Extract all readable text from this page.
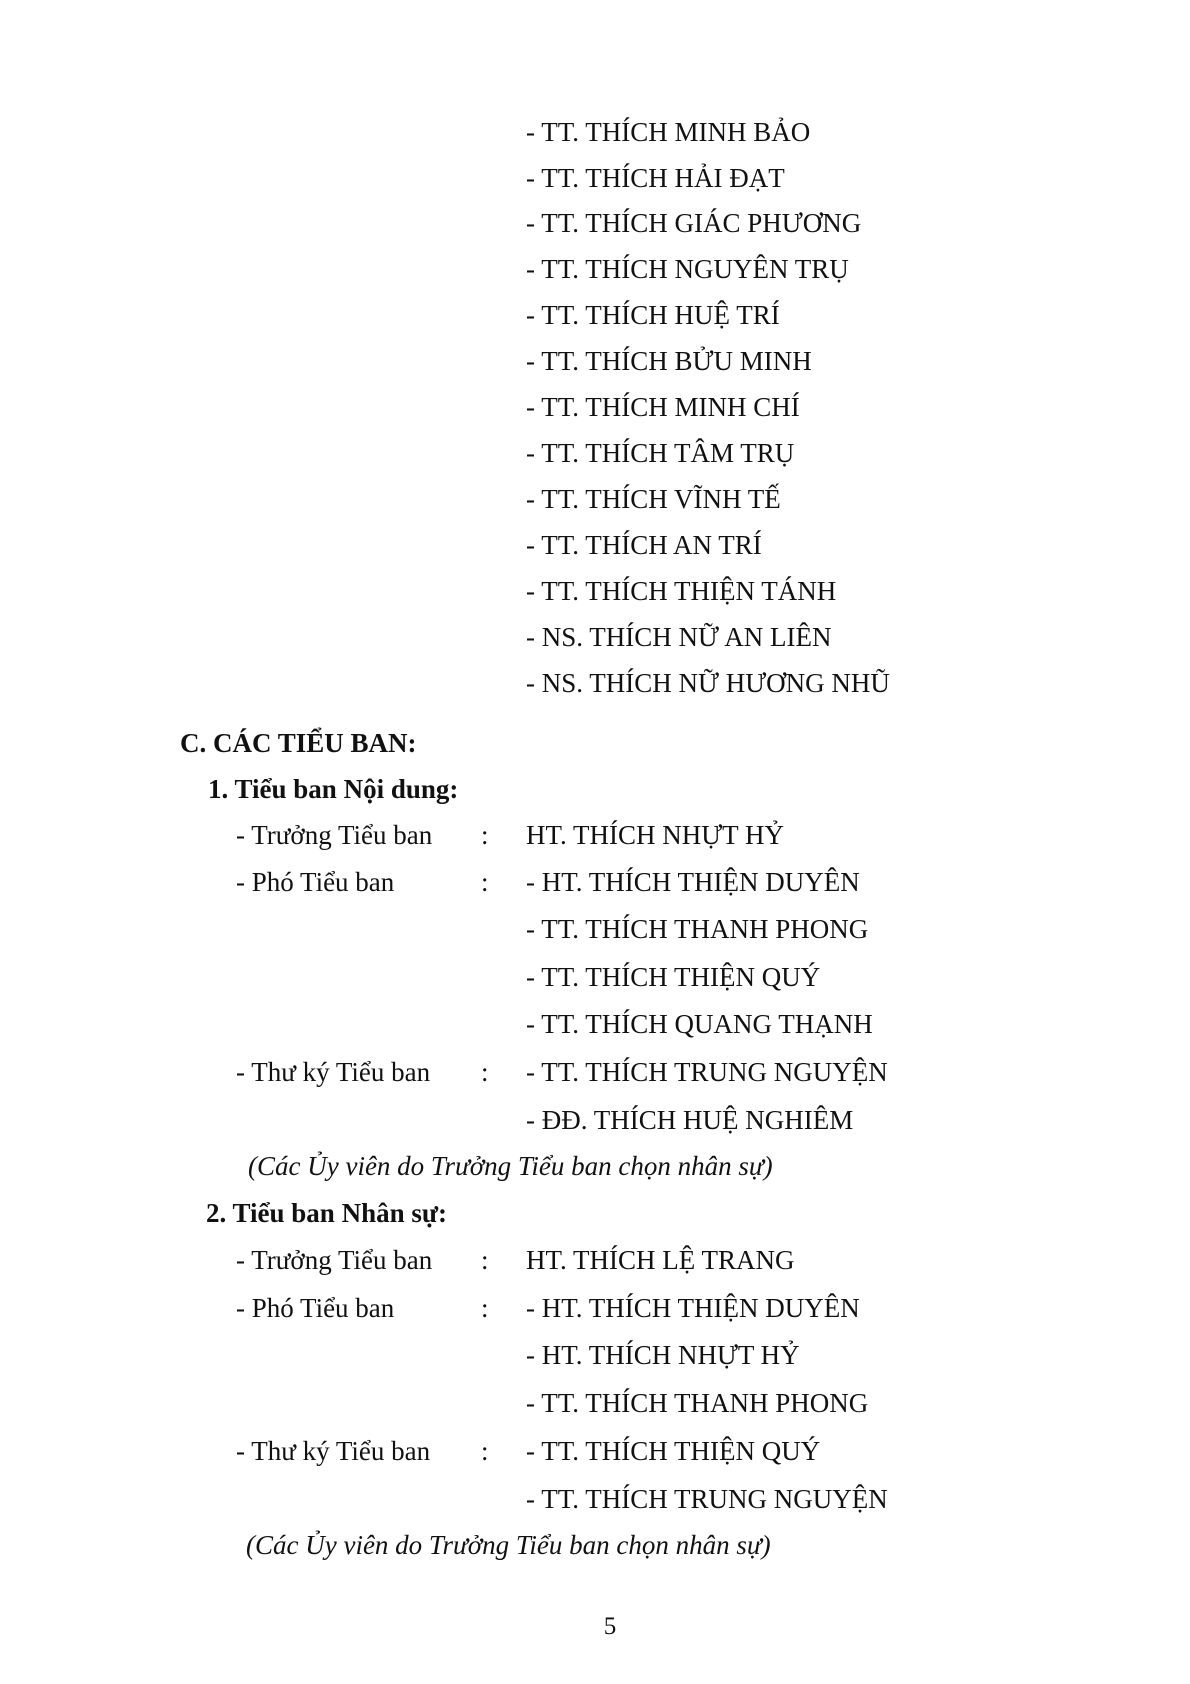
- TT. THÍCH MINH BẢO
- TT. THÍCH HẢI ĐẠT
- TT. THÍCH GIÁC PHƯƠNG
- TT. THÍCH NGUYÊN TRỤ
- TT. THÍCH HUỆ TRÍ
- TT. THÍCH BỬU MINH
- TT. THÍCH MINH CHÍ
- TT. THÍCH TÂM TRỤ
- TT. THÍCH VĨNH TẾ
- TT. THÍCH AN TRÍ
- TT. THÍCH THIỆN TÁNH
- NS. THÍCH NỮ AN LIÊN
- NS. THÍCH NỮ HƯƠNG NHŨ
C. CÁC TIỂU BAN:
1. Tiểu ban Nội dung:
- Trưởng Tiểu ban : HT. THÍCH NHỰT HỶ
- Phó Tiểu ban	: - HT. THÍCH THIỆN DUYÊN
- TT. THÍCH THANH PHONG
- TT. THÍCH THIỆN QUÝ
- TT. THÍCH QUANG THẠNH
- Thư ký Tiểu ban : - TT. THÍCH TRUNG NGUYỆN
- ĐĐ. THÍCH HUỆ NGHIÊM
(Các Ủy viên do Trưởng Tiểu ban chọn nhân sự)
2. Tiểu ban Nhân sự:
- Trưởng Tiểu ban : HT. THÍCH LỆ TRANG
- Phó Tiểu ban	: - HT. THÍCH THIỆN DUYÊN
- HT. THÍCH NHỰT HỶ
- TT. THÍCH THANH PHONG
- Thư ký Tiểu ban : - TT. THÍCH THIỆN QUÝ
- TT. THÍCH TRUNG NGUYỆN
(Các Ủy viên do Trưởng Tiểu ban chọn nhân sự)
5
